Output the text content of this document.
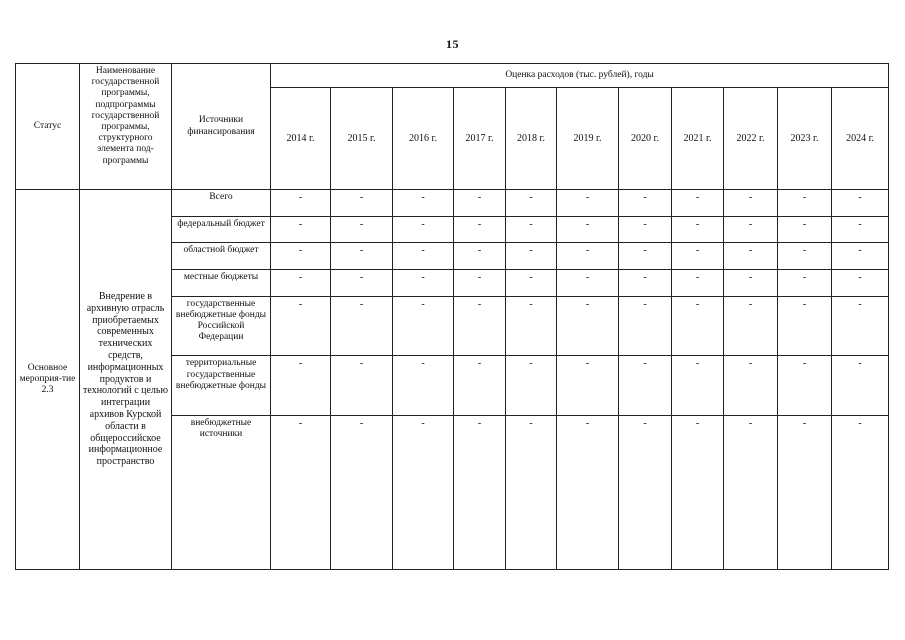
15
Статус	Наименование государственной программы, подпрограммы государственной программы, структурного элемента под-программы	Источники финансирования	Оценка расходов (тыс. рублей), годы										
			2014 г.	2015 г.	2016 г.	2017 г.	2018 г.	2019 г.	2020 г.	2021 г.	2022 г.	2023 г.	2024 г.
Основное мероприя-тие 2.3	Внедрение в архивную отрасль приобретаемых современных технических средств, информационных продуктов и технологий с целью интеграции архивов Курской области в общероссийское информационное пространство	Всего	-	-	-	-	-	-	-	-	-	-	-
		федеральный бюджет	-	-	-	-	-	-	-	-	-	-	-
		областной бюджет	-	-	-	-	-	-	-	-	-	-	-
		местные бюджеты	-	-	-	-	-	-	-	-	-	-	-
		государственные внебюджетные фонды Российской Федерации	-	-	-	-	-	-	-	-	-	-	-
		территориальные государственные внебюджетные фонды	-	-	-	-	-	-	-	-	-	-	-
		внебюджетные источники	-	-	-	-	-	-	-	-	-	-	-
